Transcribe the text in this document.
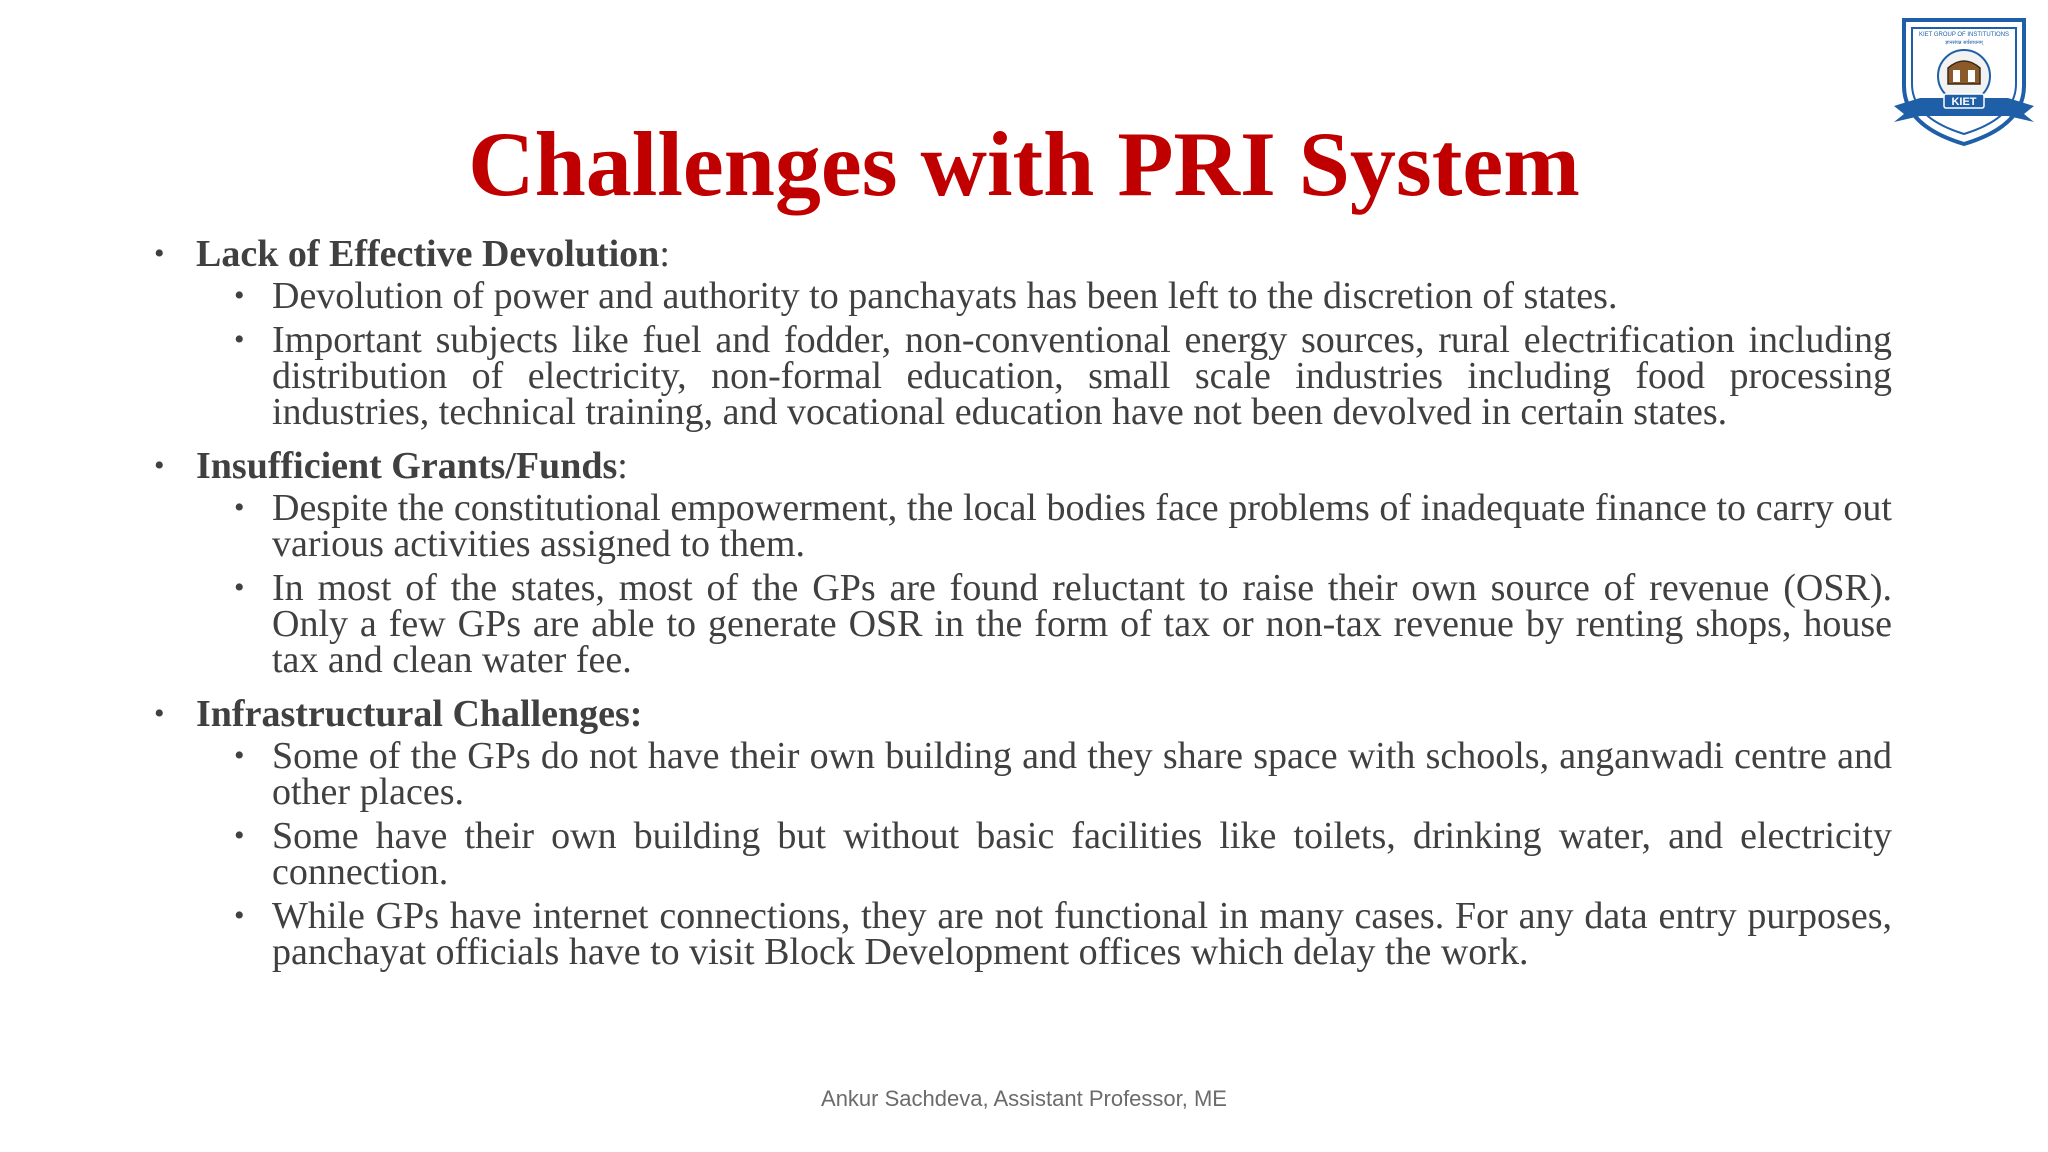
KIET
KIET GROUP OF INSTITUTIONS
ज्ञानसंपन्न सर्वसाधनम्
Challenges with PRI System
• Lack of Effective Devolution:
• Devolution of power and authority to panchayats has been left to the discretion of states.
• Important subjects like fuel and fodder, non-conventional energy sources, rural electrification including distribution of electricity, non-formal education, small scale industries including food processing industries, technical training, and vocational education have not been devolved in certain states.
• Insufficient Grants/Funds:
• Despite the constitutional empowerment, the local bodies face problems of inadequate finance to carry out various activities assigned to them.
• In most of the states, most of the GPs are found reluctant to raise their own source of revenue (OSR). Only a few GPs are able to generate OSR in the form of tax or non-tax revenue by renting shops, house tax and clean water fee.
• Infrastructural Challenges:
• Some of the GPs do not have their own building and they share space with schools, anganwadi centre and other places.
• Some have their own building but without basic facilities like toilets, drinking water, and electricity connection.
• While GPs have internet connections, they are not functional in many cases. For any data entry purposes, panchayat officials have to visit Block Development offices which delay the work.
Ankur Sachdeva, Assistant Professor, ME
